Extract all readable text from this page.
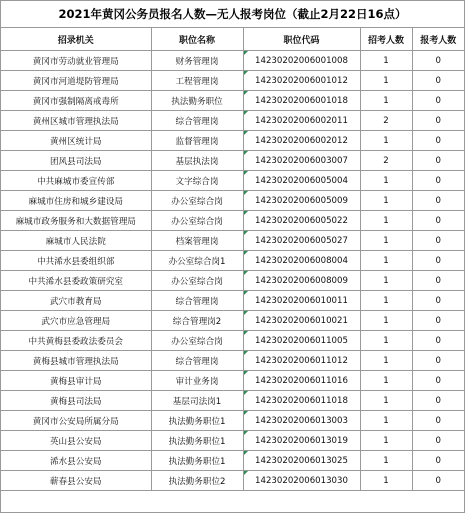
2021年黄冈公务员报名人数—无人报考岗位（截止2月22日16点）
招录机关	职位名称	职位代码	招考人数	报考人数
黄冈市劳动就业管理局	财务管理岗	14230202006001008	1	0
黄冈市河道堤防管理局	工程管理岗	14230202006001012	1	0
黄冈市强制隔离戒毒所	执法勤务职位	14230202006001018	1	0
黄州区城市管理执法局	综合管理岗	14230202006002011	2	0
黄州区统计局	监督管理岗	14230202006002012	1	0
团风县司法局	基层执法岗	14230202006003007	2	0
中共麻城市委宣传部	文字综合岗	14230202006005004	1	0
麻城市住房和城乡建设局	办公室综合岗	14230202006005009	1	0
麻城市政务服务和大数据管理局	办公室综合岗	14230202006005022	1	0
麻城市人民法院	档案管理岗	14230202006005027	1	0
中共浠水县委组织部	办公室综合岗1	14230202006008004	1	0
中共浠水县委政策研究室	办公室综合岗	14230202006008009	1	0
武穴市教育局	综合管理岗	14230202006010011	1	0
武穴市应急管理局	综合管理岗2	14230202006010021	1	0
中共黄梅县委政法委员会	办公室综合岗	14230202006011005	1	0
黄梅县城市管理执法局	综合管理岗	14230202006011012	1	0
黄梅县审计局	审计业务岗	14230202006011016	1	0
黄梅县司法局	基层司法岗1	14230202006011018	1	0
黄冈市公安局所属分局	执法勤务职位1	14230202006013003	1	0
英山县公安局	执法勤务职位1	14230202006013019	1	0
浠水县公安局	执法勤务职位1	14230202006013025	1	0
蕲春县公安局	执法勤务职位2	14230202006013030	1	0
